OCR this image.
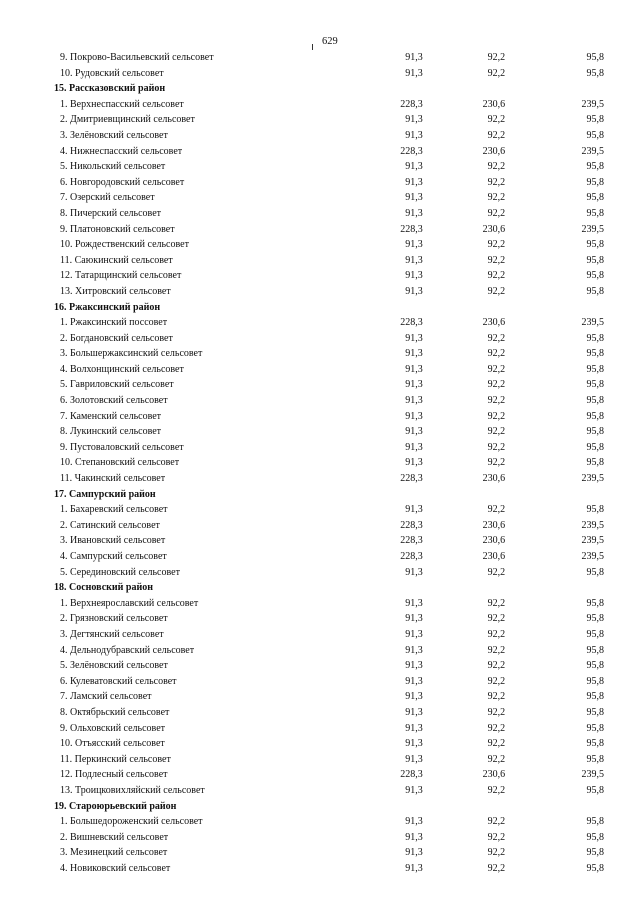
629
9. Покрово-Васильевский сельсовет	91,3	92,2	95,8
10. Рудовский сельсовет	91,3	92,2	95,8
15. Рассказовский район			
1. Верхнеспасский сельсовет	228,3	230,6	239,5
2. Дмитриевщинский сельсовет	91,3	92,2	95,8
3. Зелёновский сельсовет	91,3	92,2	95,8
4. Нижнеспасский сельсовет	228,3	230,6	239,5
5. Никольский сельсовет	91,3	92,2	95,8
6. Новгородовский сельсовет	91,3	92,2	95,8
7. Озерский сельсовет	91,3	92,2	95,8
8. Пичерский сельсовет	91,3	92,2	95,8
9. Платоновский сельсовет	228,3	230,6	239,5
10. Рождественский сельсовет	91,3	92,2	95,8
11. Саюкинский сельсовет	91,3	92,2	95,8
12. Татарщинский сельсовет	91,3	92,2	95,8
13. Хитровский сельсовет	91,3	92,2	95,8
16. Ржаксинский район			
1. Ржаксинский поссовет	228,3	230,6	239,5
2. Богдановский сельсовет	91,3	92,2	95,8
3. Большержаксинский сельсовет	91,3	92,2	95,8
4. Волхонщинский сельсовет	91,3	92,2	95,8
5. Гавриловский сельсовет	91,3	92,2	95,8
6. Золотовский сельсовет	91,3	92,2	95,8
7. Каменский сельсовет	91,3	92,2	95,8
8. Лукинский сельсовет	91,3	92,2	95,8
9. Пустоваловский сельсовет	91,3	92,2	95,8
10. Степановский сельсовет	91,3	92,2	95,8
11. Чакинский сельсовет	228,3	230,6	239,5
17. Сампурский район			
1. Бахаревский сельсовет	91,3	92,2	95,8
2. Сатинский сельсовет	228,3	230,6	239,5
3. Ивановский сельсовет	228,3	230,6	239,5
4. Сампурский сельсовет	228,3	230,6	239,5
5. Серединовский сельсовет	91,3	92,2	95,8
18. Сосновский район			
1. Верхнеярославский сельсовет	91,3	92,2	95,8
2. Грязновский сельсовет	91,3	92,2	95,8
3. Дегтянский сельсовет	91,3	92,2	95,8
4. Дельнодубравский сельсовет	91,3	92,2	95,8
5. Зелёновский сельсовет	91,3	92,2	95,8
6. Кулеватовский сельсовет	91,3	92,2	95,8
7. Ламский сельсовет	91,3	92,2	95,8
8. Октябрьский сельсовет	91,3	92,2	95,8
9. Ольховский сельсовет	91,3	92,2	95,8
10. Отъясский сельсовет	91,3	92,2	95,8
11. Перкинский сельсовет	91,3	92,2	95,8
12. Подлесный сельсовет	228,3	230,6	239,5
13. Троицковихляйский сельсовет	91,3	92,2	95,8
19. Староюрьевский район			
1. Большедороженский сельсовет	91,3	92,2	95,8
2. Вишневский сельсовет	91,3	92,2	95,8
3. Мезинецкий сельсовет	91,3	92,2	95,8
4. Новиковский сельсовет	91,3	92,2	95,8
